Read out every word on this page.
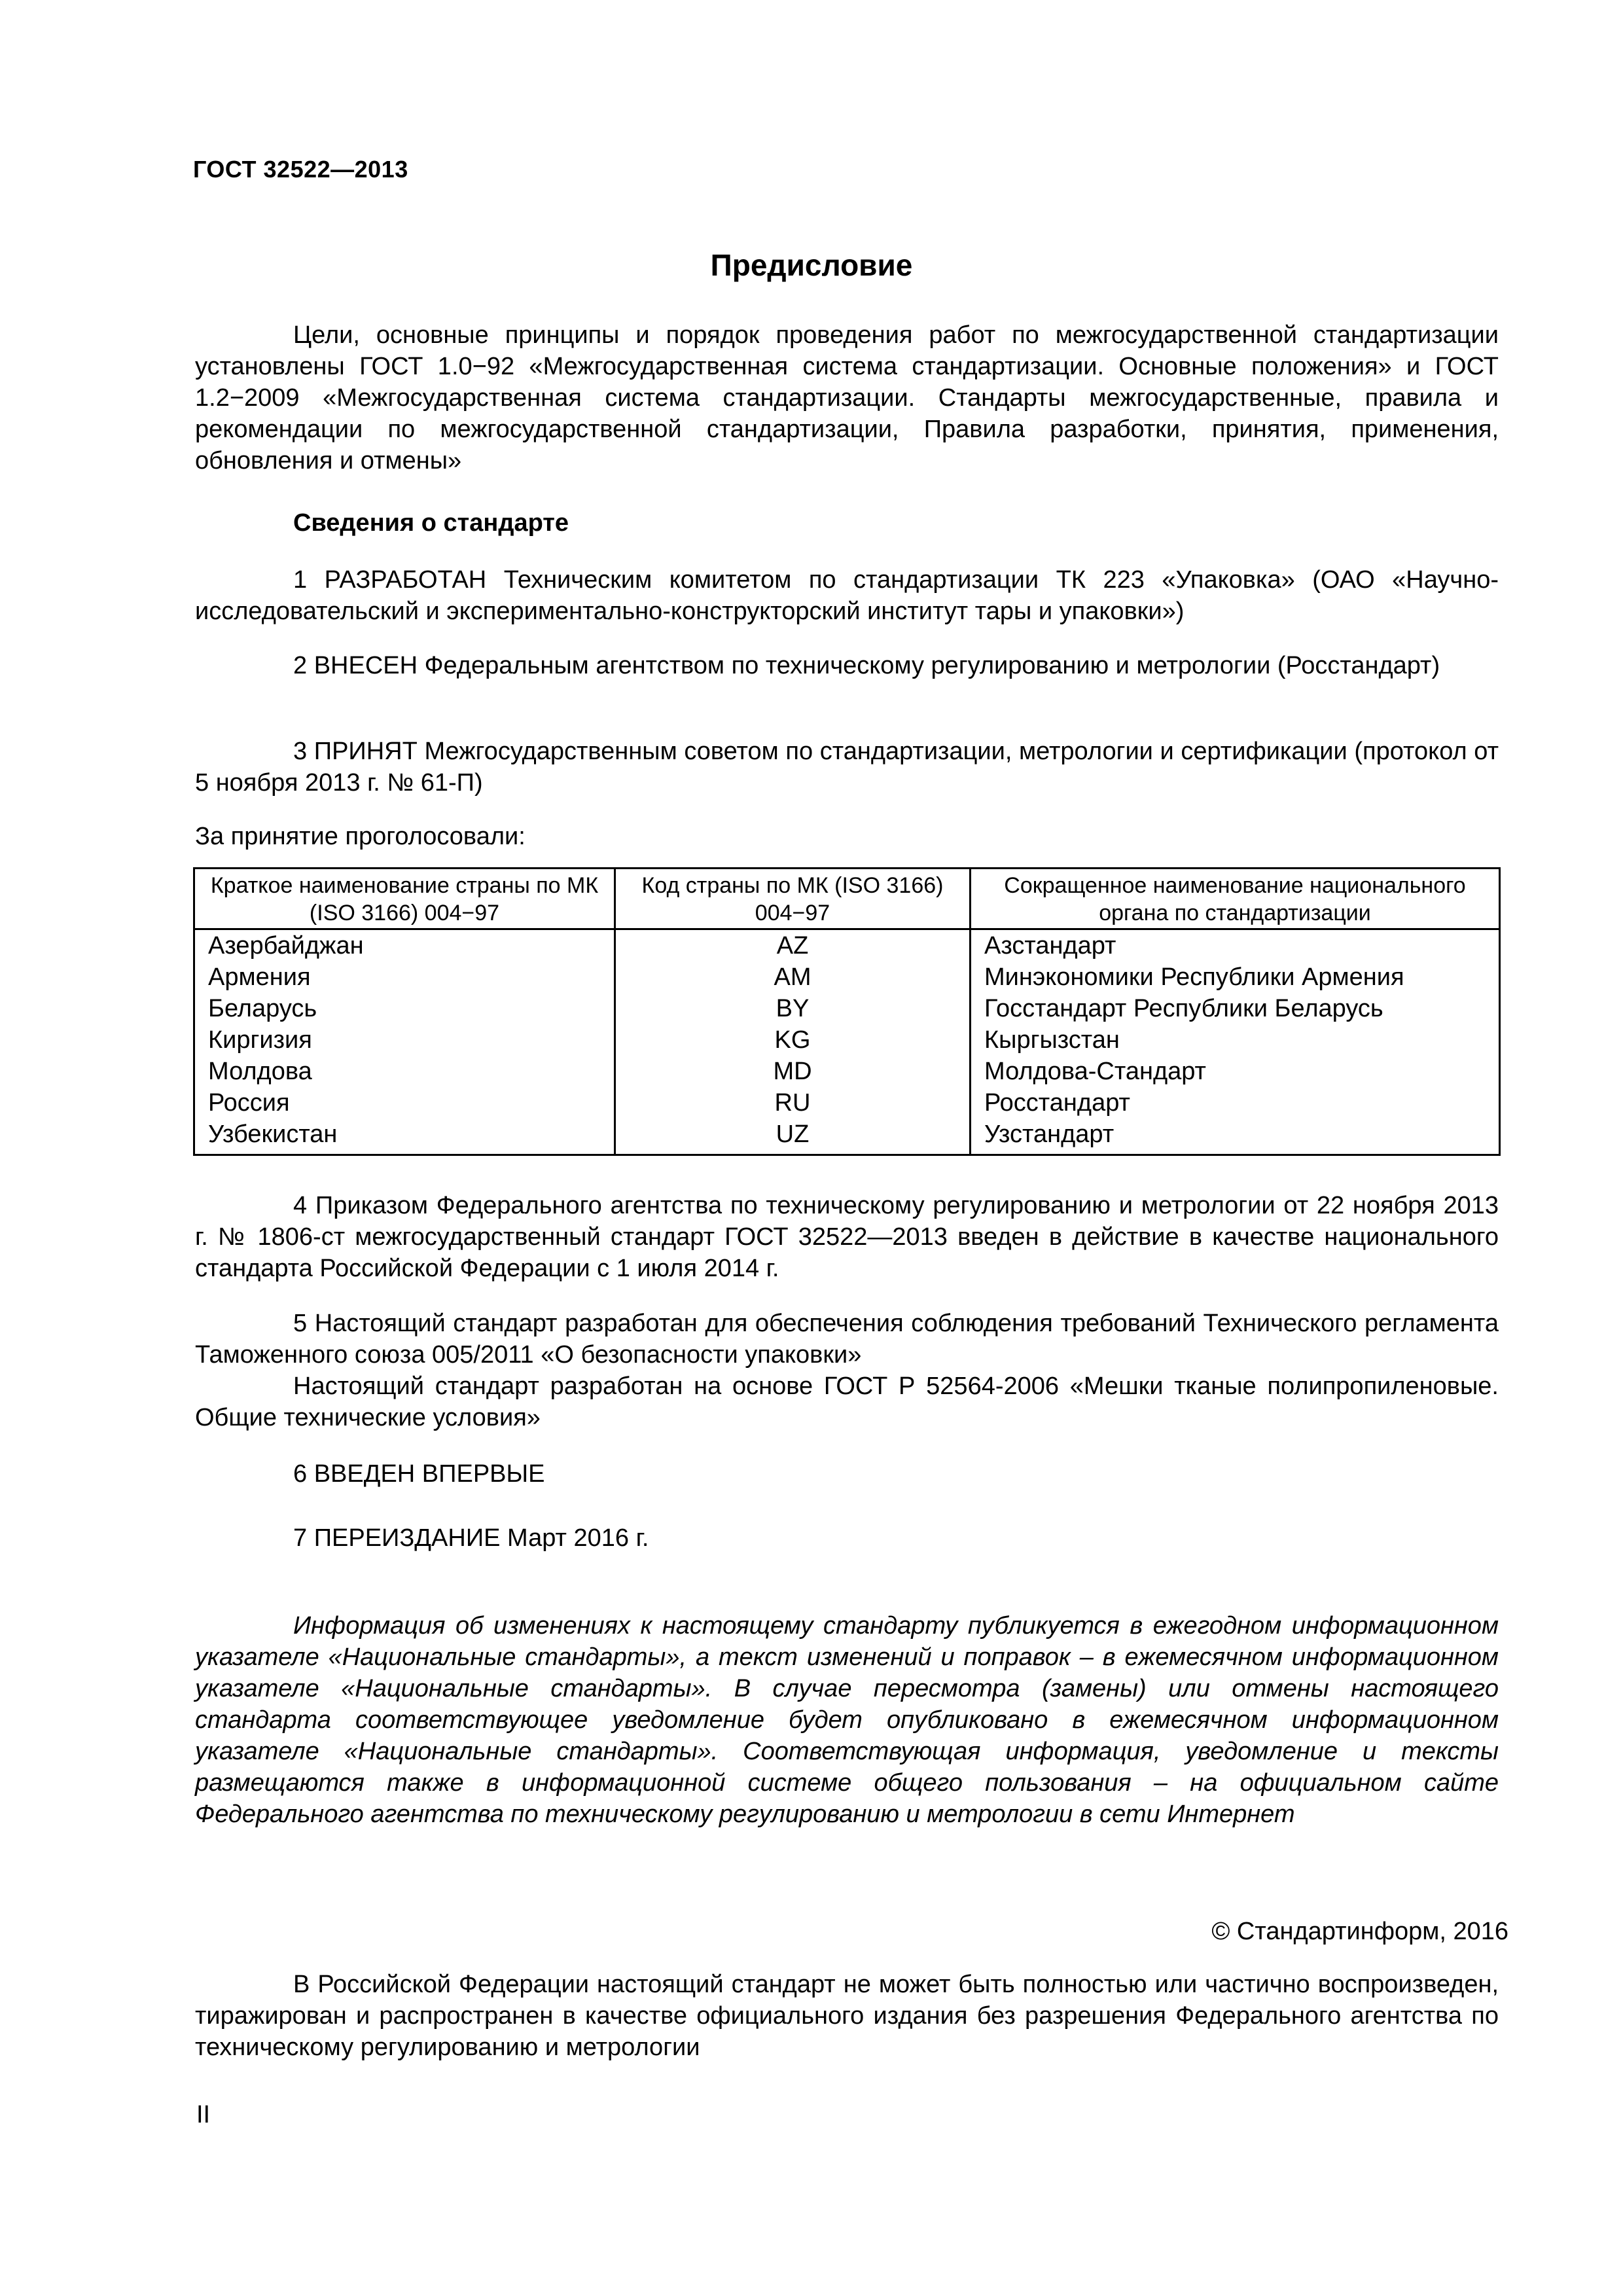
ГОСТ 32522—2013
Предисловие
Цели, основные принципы и порядок проведения работ по межгосударственной стандартизации установлены ГОСТ 1.0−92 «Межгосударственная система стандартизации. Основные положения» и ГОСТ 1.2−2009 «Межгосударственная система стандартизации. Стандарты межгосударственные, правила и рекомендации по межгосударственной стандартизации, Правила разработки, принятия, применения, обновления и отмены»
Сведения о стандарте
1 РАЗРАБОТАН Техническим комитетом по стандартизации ТК 223 «Упаковка» (ОАО «Научно-исследовательский и экспериментально-конструкторский институт тары и упаковки»)
2 ВНЕСЕН Федеральным агентством по техническому регулированию и метрологии (Росстандарт)
3 ПРИНЯТ Межгосударственным советом по стандартизации, метрологии и сертификации (протокол от 5 ноября 2013 г. № 61-П)
За принятие проголосовали:
Краткое наименование страны по МК (ISO 3166) 004−97	Код страны по МК (ISO 3166) 004−97	Сокращенное наименование национального органа по стандартизации
Азербайджан	AZ	Азстандарт
Армения	AM	Минэкономики Республики Армения
Беларусь	BY	Госстандарт Республики Беларусь
Киргизия	KG	Кыргызстан
Молдова	MD	Молдова-Стандарт
Россия	RU	Росстандарт
Узбекистан	UZ	Узстандарт
4 Приказом Федерального агентства по техническому регулированию и метрологии от 22 ноября 2013 г. № 1806-ст межгосударственный стандарт ГОСТ 32522—2013 введен в действие в качестве национального стандарта Российской Федерации с 1 июля 2014 г.
5 Настоящий стандарт разработан для обеспечения соблюдения требований Технического регламента Таможенного союза 005/2011 «О безопасности упаковки»
Настоящий стандарт разработан на основе ГОСТ Р 52564-2006 «Мешки тканые полипропиленовые. Общие технические условия»
6 ВВЕДЕН ВПЕРВЫЕ
7 ПЕРЕИЗДАНИЕ Март 2016 г.
Информация об изменениях к настоящему стандарту публикуется в ежегодном информационном указателе «Национальные стандарты», а текст изменений и поправок – в ежемесячном информационном указателе «Национальные стандарты». В случае пересмотра (замены) или отмены настоящего стандарта соответствующее уведомление будет опубликовано в ежемесячном информационном указателе «Национальные стандарты». Соответствующая информация, уведомление и тексты размещаются также в информационной системе общего пользования – на официальном сайте Федерального агентства по техническому регулированию и метрологии в сети Интернет
© Стандартинформ, 2016
В Российской Федерации настоящий стандарт не может быть полностью или частично воспроизведен, тиражирован и распространен в качестве официального издания без разрешения Федерального агентства по техническому регулированию и метрологии
II
